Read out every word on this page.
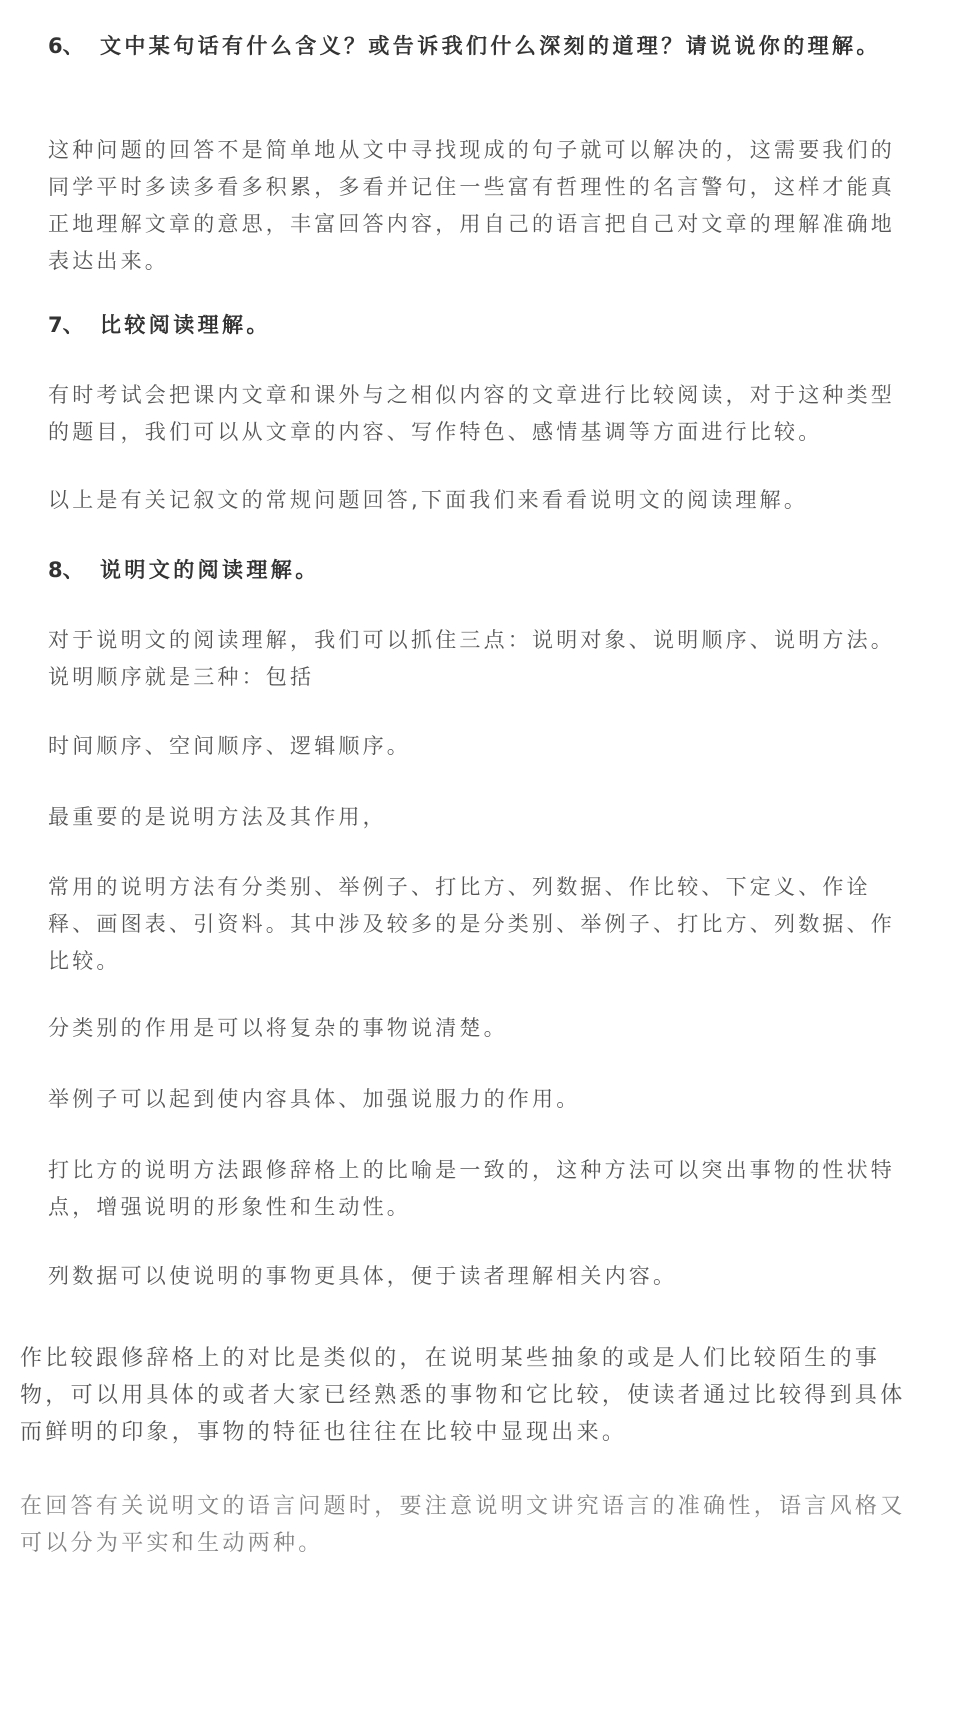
6、 文中某句话有什么含义？或告诉我们什么深刻的道理？请说说你的理解。

这种问题的回答不是简单地从文中寻找现成的句子就可以解决的，这需要我们的同学平时多读多看多积累，多看并记住一些富有哲理性的名言警句，这样才能真正地理解文章的意思，丰富回答内容，用自己的语言把自己对文章的理解准确地表达出来。

7、 比较阅读理解。

有时考试会把课内文章和课外与之相似内容的文章进行比较阅读，对于这种类型的题目，我们可以从文章的内容、写作特色、感情基调等方面进行比较。

以上是有关记叙文的常规问题回答,下面我们来看看说明文的阅读理解。

8、 说明文的阅读理解。

对于说明文的阅读理解，我们可以抓住三点：说明对象、说明顺序、说明方法。说明顺序就是三种：包括

时间顺序、空间顺序、逻辑顺序。

最重要的是说明方法及其作用，

常用的说明方法有分类别、举例子、打比方、列数据、作比较、下定义、作诠释、画图表、引资料。其中涉及较多的是分类别、举例子、打比方、列数据、作比较。

分类别的作用是可以将复杂的事物说清楚。

举例子可以起到使内容具体、加强说服力的作用。

打比方的说明方法跟修辞格上的比喻是一致的，这种方法可以突出事物的性状特点，增强说明的形象性和生动性。

列数据可以使说明的事物更具体，便于读者理解相关内容。

作比较跟修辞格上的对比是类似的，在说明某些抽象的或是人们比较陌生的事物，可以用具体的或者大家已经熟悉的事物和它比较，使读者通过比较得到具体而鲜明的印象，事物的特征也往往在比较中显现出来。

在回答有关说明文的语言问题时，要注意说明文讲究语言的准确性，语言风格又可以分为平实和生动两种。
